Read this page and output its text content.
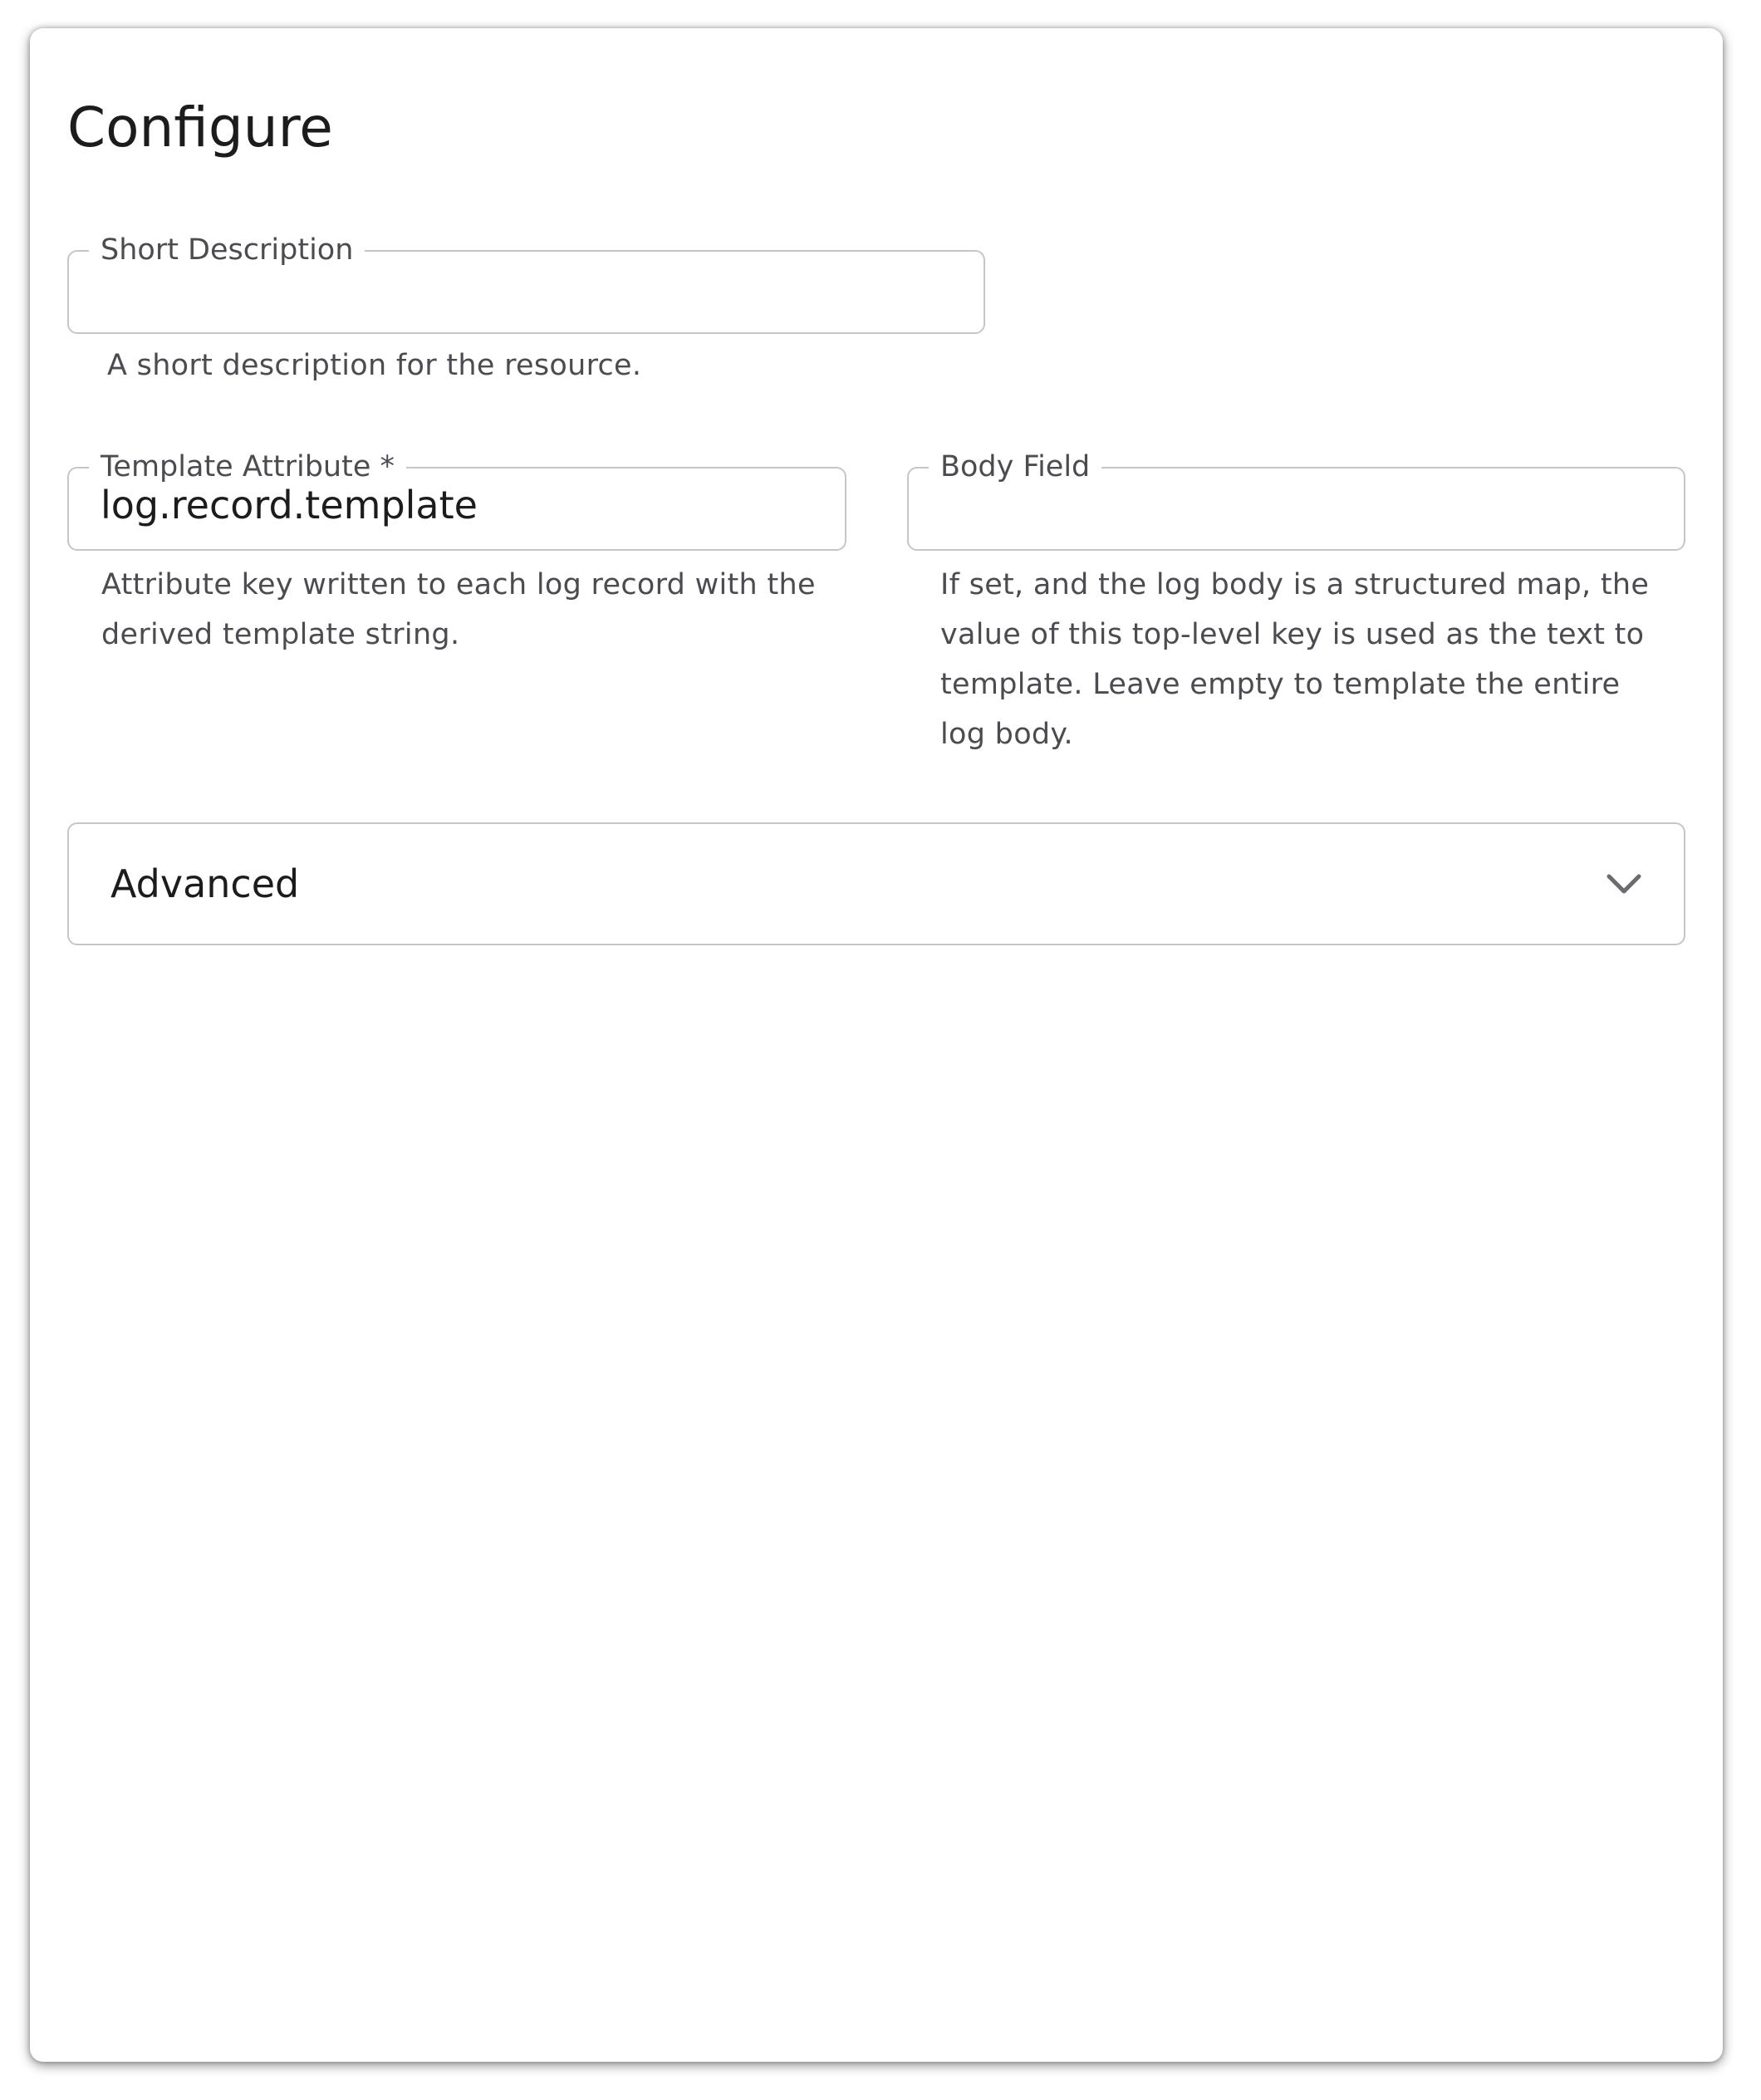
Configure
Short Description

A short description for the resource.

Template Attribute *
log.record.template

Attribute key written to each log record with the derived template string.

Body Field

If set, and the log body is a structured map, the value of this top-level key is used as the text to template. Leave empty to template the entire log body.

Advanced
